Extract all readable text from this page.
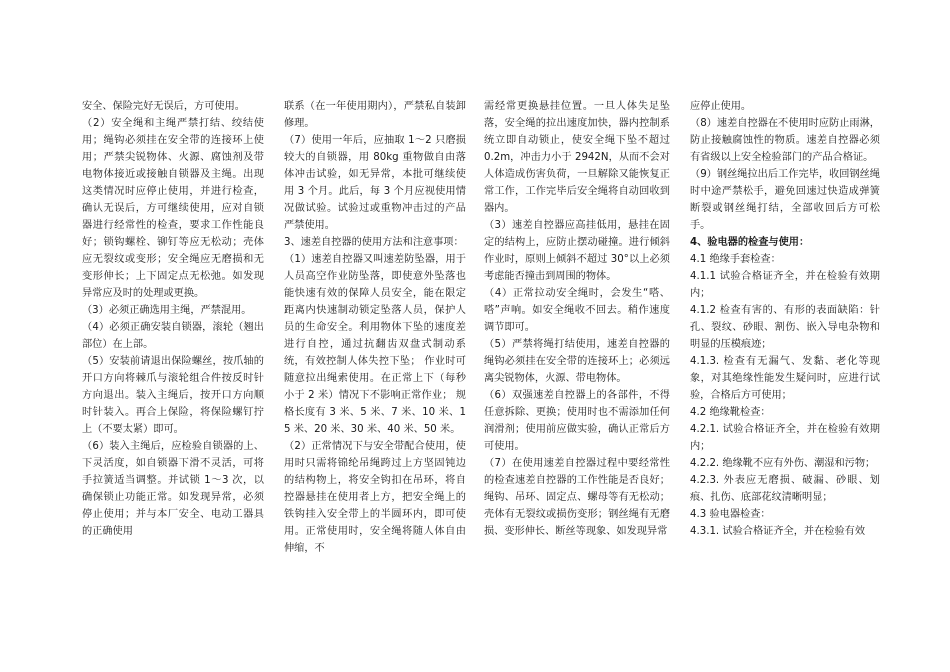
安全、保险完好无误后，方可使用。

（2）安全绳和主绳严禁打结、绞结使用；绳钩必须挂在安全带的连接环上使用；严禁尖锐物体、火源、腐蚀剂及带电物体接近或接触自锁器及主绳。出现这类情况时应停止使用，并进行检查，确认无误后，方可继续使用，应对自锁器进行经常性的检查，要求工作性能良好；锁钩螺栓、铆钉等应无松动；壳体应无裂纹或变形；安全绳应无磨损和无变形伸长；上下固定点无松弛。如发现异常应及时的处理或更换。

（3）必须正确选用主绳，严禁混用。

（4）必须正确安装自锁器，滚轮（翘出部位）在上部。

（5）安装前请退出保险螺丝，按爪轴的开口方向将棘爪与滚轮组合件按反时针方向退出。装入主绳后，按开口方向顺时针装入。再合上保险，将保险螺钉拧上（不要太紧）即可。

（6）装入主绳后，应检验自锁器的上、下灵活度，如自锁器下滑不灵活，可将手拉簧适当调整。并试锁 1～3 次，以确保锁止功能正常。如发现异常，必须停止使用；并与本厂安全、电动工器具的正确使用

联系（在一年使用期内），严禁私自装卸修理。

（7）使用一年后，应抽取 1～2 只磨损较大的自锁器，用 80kg 重物做自由落体冲击试验，如无异常，本批可继续使用 3 个月。此后，每 3 个月应视使用情况做试验。试验过或重物冲击过的产品严禁使用。

3、速差自控器的使用方法和注意事项：

（1）速差自控器又叫速差防坠器，用于人员高空作业防坠落，即使意外坠落也能快速有效的保障人员安全，能在限定距离内快速制动锁定坠落人员，保护人员的生命安全。利用物体下坠的速度差进行自控，通过抗翻齿双盘式制动系统，有效控制人体失控下坠； 作业时可随意拉出绳索使用。在正常上下（每秒小于 2 米）情况下不影响正常作业； 规格长度有 3 米、5 米、7 米、10 米、15 米、20 米、30 米、40 米、50 米。

（2）正常情况下与安全带配合使用，使用时只需将锦纶吊绳跨过上方坚固钝边的结构物上，将安全钩扣在吊环，将自控器悬挂在使用者上方，把安全绳上的铁钩挂入安全带上的半圆环内，即可使用。正常使用时，安全绳将随人体自由伸缩，不

需经常更换悬挂位置。一旦人体失足坠落，安全绳的拉出速度加快，器内控制系统立即自动锁止，使安全绳下坠不超过 0.2m，冲击力小于 2942N，从而不会对人体造成伤害负荷，一旦解除又能恢复正常工作，工作完毕后安全绳将自动回收到器内。

（3）速差自控器应高挂低用，悬挂在固定的结构上，应防止摆动碰撞。进行倾斜作业时，原则上倾斜不超过 30°以上必须考虑能否撞击到周围的物体。

（4）正常拉动安全绳时，会发生“嗒、嗒”声响。如安全绳收不回去。稍作速度调节即可。

（5）严禁将绳打结使用，速差自控器的绳钩必须挂在安全带的连接环上；必须远离尖锐物体，火源、带电物体。

（6）双强速差自控器上的各部件，不得任意拆除、更换；使用时也不需添加任何润滑剂；使用前应做实验，确认正常后方可使用。

（7）在使用速差自控器过程中要经常性的检查速差自控器的工作性能是否良好；绳钩、吊环、固定点、螺母等有无松动；壳体有无裂纹或损伤变形；钢丝绳有无磨损、变形伸长、断丝等现象、如发现异常

应停止使用。

（8）速差自控器在不使用时应防止雨淋，防止接触腐蚀性的物质。速差自控器必须有省级以上安全检验部门的产品合格证。

（9）钢丝绳拉出后工作完毕，收回钢丝绳时中途严禁松手，避免回速过快造成弹簧断裂或钢丝绳打结，全部收回后方可松手。

4、验电器的检查与使用：

4.1 绝缘手套检查：

4.1.1 试验合格证齐全，并在检验有效期内；

4.1.2 检查有害的、有形的表面缺陷：针孔、裂纹、砂眼、割伤、嵌入导电杂物和明显的压模痕迹；

4.1.3. 检查有无漏气、发黏、老化等现象，对其绝缘性能发生疑问时，应进行试验，合格后方可使用；

4.2 绝缘靴检查：

4.2.1. 试验合格证齐全，并在检验有效期内；

4.2.2. 绝缘靴不应有外伤、潮湿和污物；

4.2.3. 外表应无磨损、破漏、砂眼、划痕、扎伤、底部花纹清晰明显；

4.3 验电器检查：

4.3.1. 试验合格证齐全，并在检验有效
